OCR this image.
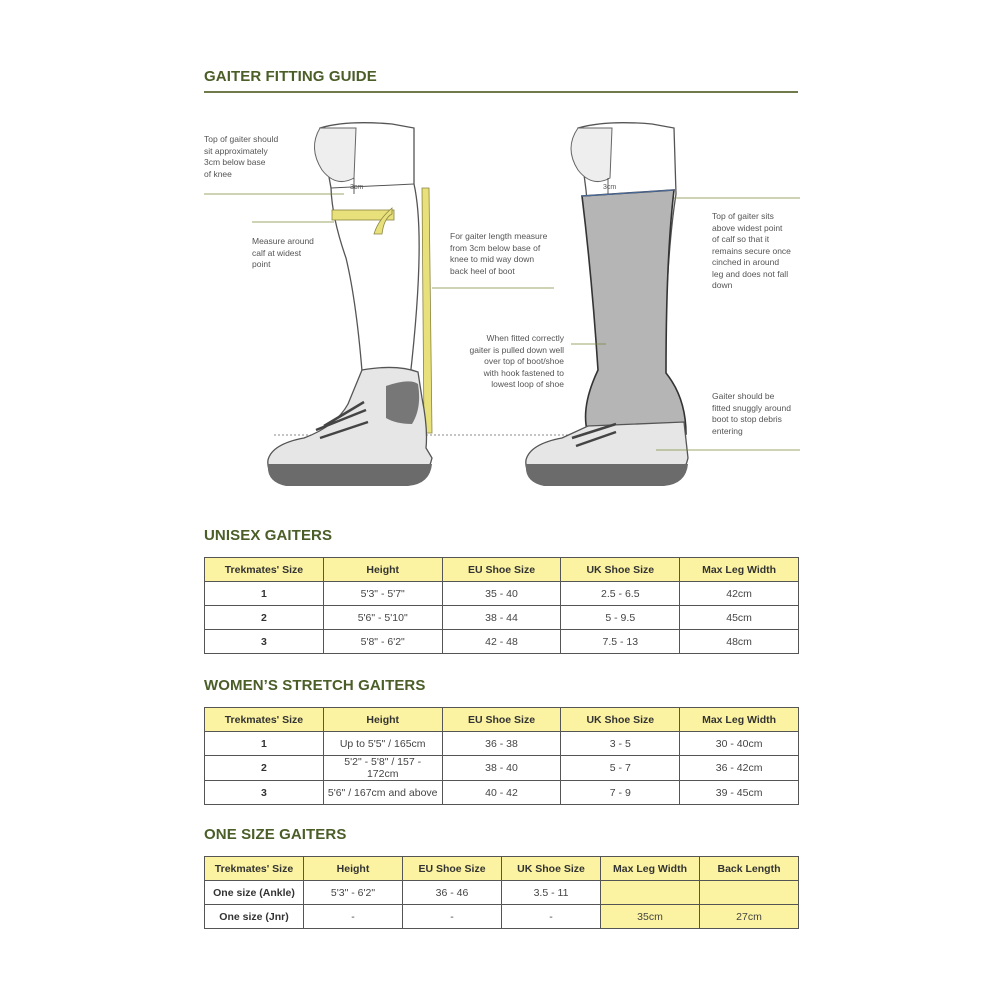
GAITER FITTING GUIDE
Top of gaiter should
sit approximately
3cm below base
of knee
Measure around
calf at widest
point
For gaiter length measure
from 3cm below base of
knee to mid way down
back heel of boot
Top of gaiter sits
above widest point
of calf so that it
remains secure once
cinched in around
leg and does not fall
down
When fitted correctly
gaiter is pulled down well
over top of boot/shoe
with hook fastened to
lowest loop of shoe
Gaiter should be
fitted snuggly around
boot to stop debris
entering
3cm	3cm
UNISEX GAITERS
Trekmates' Size	Height	EU Shoe Size	UK Shoe Size	Max Leg Width
1	5'3" - 5'7"	35 - 40	2.5 - 6.5	42cm
2	5'6" - 5'10"	38 - 44	5 - 9.5	45cm
3	5'8" - 6'2"	42 - 48	7.5 - 13	48cm
WOMEN’S STRETCH GAITERS
Trekmates' Size	Height	EU Shoe Size	UK Shoe Size	Max Leg Width
1	Up to 5'5" / 165cm	36 - 38	3 - 5	30 - 40cm
2	5'2" - 5'8" / 157 - 172cm	38 - 40	5 - 7	36 - 42cm
3	5'6" / 167cm and above	40 - 42	7 - 9	39 - 45cm
ONE SIZE GAITERS
Trekmates' Size	Height	EU Shoe Size	UK Shoe Size	Max Leg Width	Back Length
One size (Ankle)	5'3" - 6'2"	36 - 46	3.5 - 11		
One size (Jnr)	-	-	-	35cm	27cm
